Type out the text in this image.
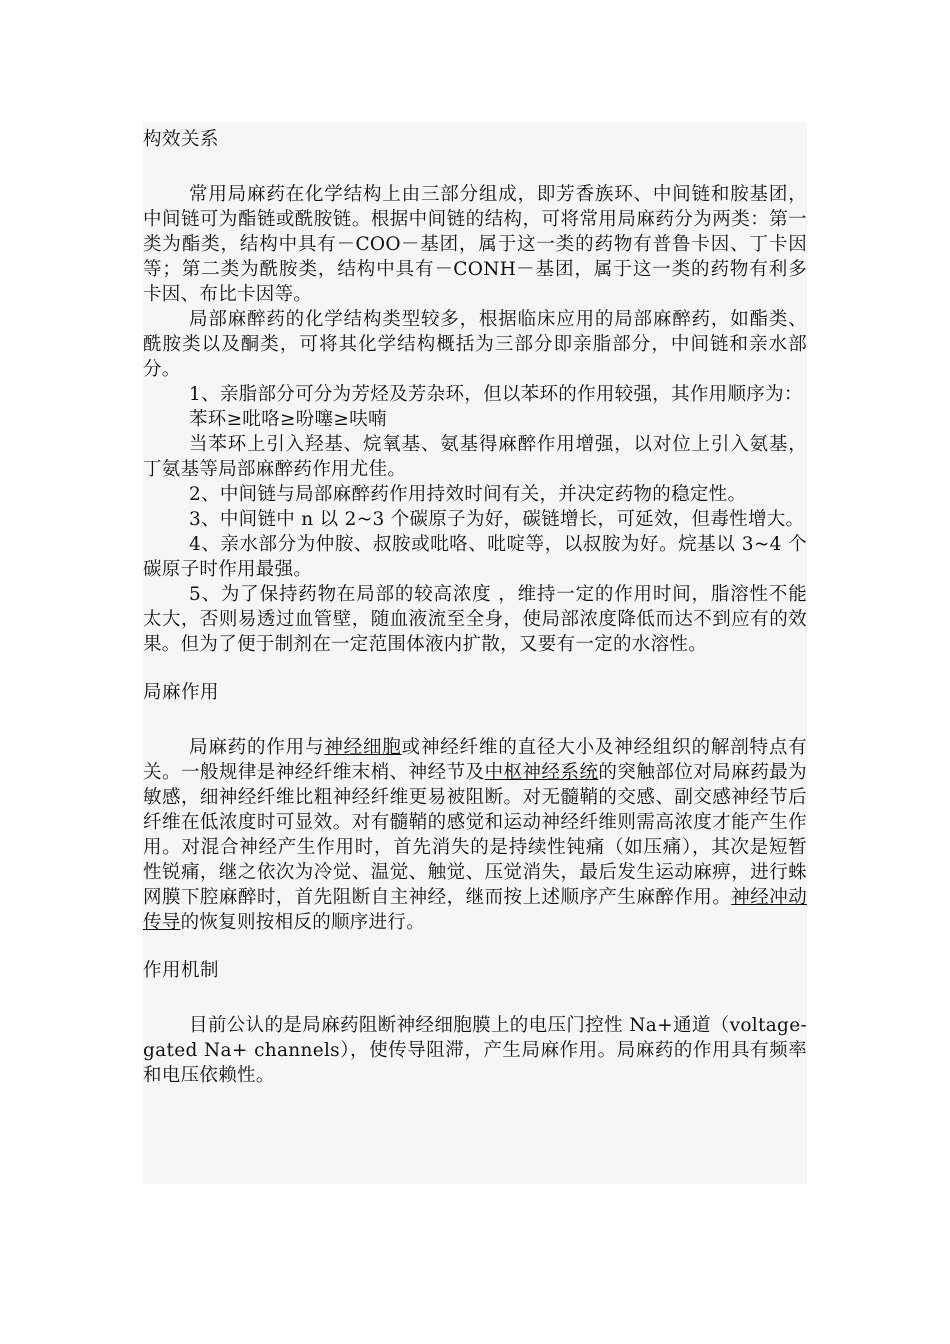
构效关系

常用局麻药在化学结构上由三部分组成，即芳香族环、中间链和胺基团，中间链可为酯链或酰胺链。根据中间链的结构，可将常用局麻药分为两类：第一类为酯类，结构中具有－COO－基团，属于这一类的药物有普鲁卡因、丁卡因等；第二类为酰胺类，结构中具有－CONH－基团，属于这一类的药物有利多卡因、布比卡因等。

局部麻醉药的化学结构类型较多，根据临床应用的局部麻醉药，如酯类、酰胺类以及酮类，可将其化学结构概括为三部分即亲脂部分，中间链和亲水部分。

1、亲脂部分可分为芳烃及芳杂环，但以苯环的作用较强，其作用顺序为：

苯环≥吡咯≥吩噻≥呋喃

当苯环上引入羟基、烷氧基、氨基得麻醉作用增强，以对位上引入氨基，丁氨基等局部麻醉药作用尤佳。

2、中间链与局部麻醉药作用持效时间有关，并决定药物的稳定性。

3、中间链中 n 以 2~3 个碳原子为好，碳链增长，可延效，但毒性增大。

4、亲水部分为仲胺、叔胺或吡咯、吡啶等，以叔胺为好。烷基以 3~4 个碳原子时作用最强。

5、为了保持药物在局部的较高浓度 ，维持一定的作用时间，脂溶性不能太大，否则易透过血管壁，随血液流至全身，使局部浓度降低而达不到应有的效果。但为了便于制剂在一定范围体液内扩散，又要有一定的水溶性。

局麻作用

局麻药的作用与神经细胞或神经纤维的直径大小及神经组织的解剖特点有关。一般规律是神经纤维末梢、神经节及中枢神经系统的突触部位对局麻药最为敏感，细神经纤维比粗神经纤维更易被阻断。对无髓鞘的交感、副交感神经节后纤维在低浓度时可显效。对有髓鞘的感觉和运动神经纤维则需高浓度才能产生作用。对混合神经产生作用时，首先消失的是持续性钝痛（如压痛），其次是短暂性锐痛，继之依次为冷觉、温觉、触觉、压觉消失，最后发生运动麻痹，进行蛛网膜下腔麻醉时，首先阻断自主神经，继而按上述顺序产生麻醉作用。神经冲动传导的恢复则按相反的顺序进行。

作用机制

目前公认的是局麻药阻断神经细胞膜上的电压门控性 Na+通道（voltage-gated Na+ channels），使传导阻滞，产生局麻作用。局麻药的作用具有频率和电压依赖性。
